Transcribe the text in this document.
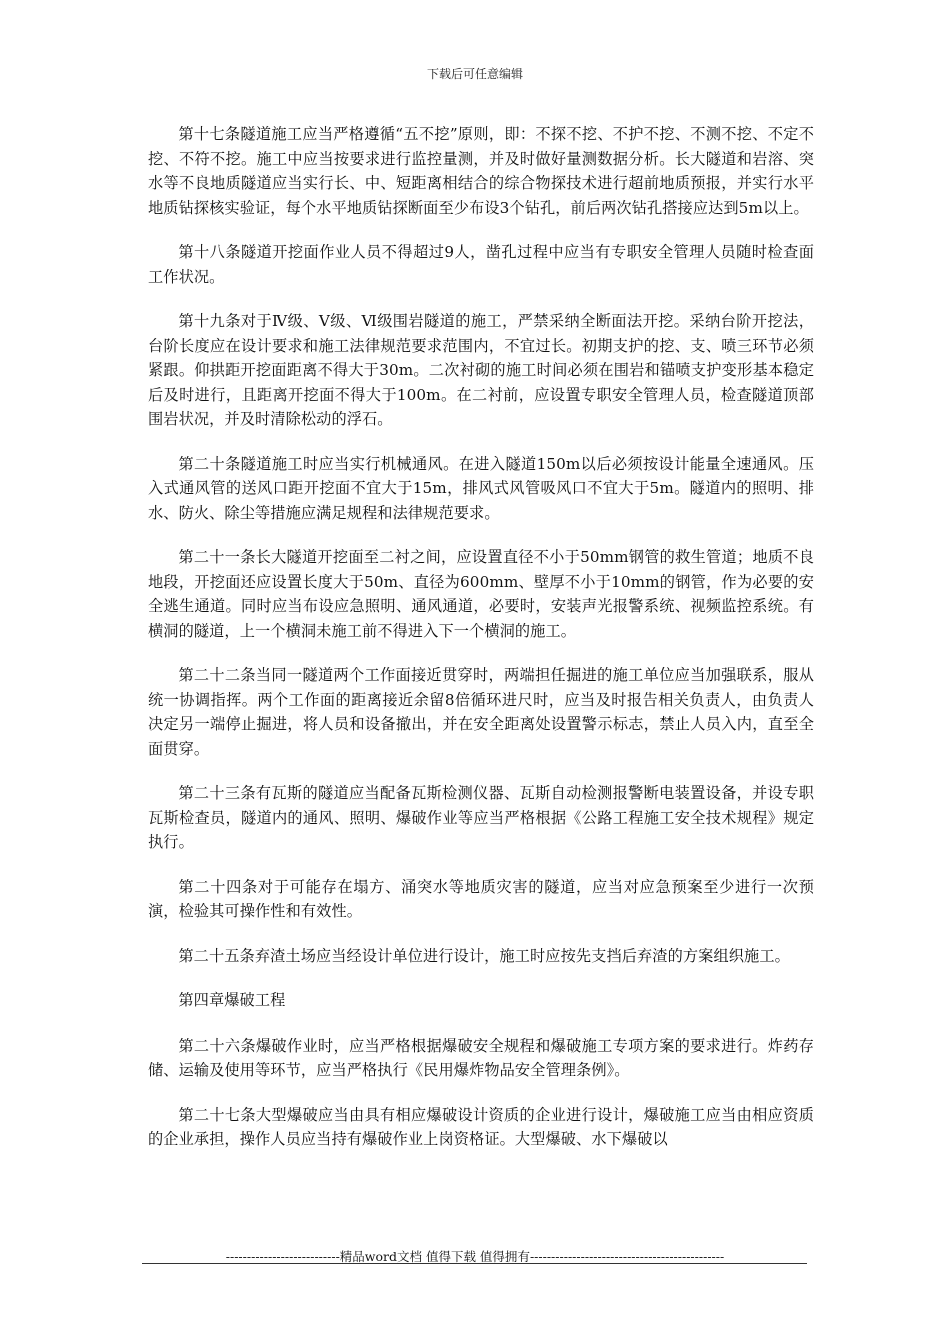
下载后可任意编辑

第十七条隧道施工应当严格遵循“五不挖”原则，即：不探不挖、不护不挖、不测不挖、不定不挖、不符不挖。施工中应当按要求进行监控量测，并及时做好量测数据分析。长大隧道和岩溶、突水等不良地质隧道应当实行长、中、短距离相结合的综合物探技术进行超前地质预报，并实行水平地质钻探核实验证，每个水平地质钻探断面至少布设3个钻孔，前后两次钻孔搭接应达到5m以上。

第十八条隧道开挖面作业人员不得超过9人，凿孔过程中应当有专职安全管理人员随时检查面工作状况。

第十九条对于Ⅳ级、Ⅴ级、Ⅵ级围岩隧道的施工，严禁采纳全断面法开挖。采纳台阶开挖法，台阶长度应在设计要求和施工法律规范要求范围内，不宜过长。初期支护的挖、支、喷三环节必须紧跟。仰拱距开挖面距离不得大于30m。二次衬砌的施工时间必须在围岩和锚喷支护变形基本稳定后及时进行，且距离开挖面不得大于100m。在二衬前，应设置专职安全管理人员，检查隧道顶部围岩状况，并及时清除松动的浮石。

第二十条隧道施工时应当实行机械通风。在进入隧道150m以后必须按设计能量全速通风。压入式通风管的送风口距开挖面不宜大于15m，排风式风管吸风口不宜大于5m。隧道内的照明、排水、防火、除尘等措施应满足规程和法律规范要求。

第二十一条长大隧道开挖面至二衬之间，应设置直径不小于50mm钢管的救生管道；地质不良地段，开挖面还应设置长度大于50m、直径为600mm、壁厚不小于10mm的钢管，作为必要的安全逃生通道。同时应当布设应急照明、通风通道，必要时，安装声光报警系统、视频监控系统。有横洞的隧道，上一个横洞未施工前不得进入下一个横洞的施工。

第二十二条当同一隧道两个工作面接近贯穿时，两端担任掘进的施工单位应当加强联系，服从统一协调指挥。两个工作面的距离接近余留8倍循环进尺时，应当及时报告相关负责人，由负责人决定另一端停止掘进，将人员和设备撤出，并在安全距离处设置警示标志，禁止人员入内，直至全面贯穿。

第二十三条有瓦斯的隧道应当配备瓦斯检测仪器、瓦斯自动检测报警断电装置设备，并设专职瓦斯检查员，隧道内的通风、照明、爆破作业等应当严格根据《公路工程施工安全技术规程》规定执行。

第二十四条对于可能存在塌方、涌突水等地质灾害的隧道，应当对应急预案至少进行一次预演，检验其可操作性和有效性。

第二十五条弃渣土场应当经设计单位进行设计，施工时应按先支挡后弃渣的方案组织施工。

第四章爆破工程

第二十六条爆破作业时，应当严格根据爆破安全规程和爆破施工专项方案的要求进行。炸药存储、运输及使用等环节，应当严格执行《民用爆炸物品安全管理条例》。

第二十七条大型爆破应当由具有相应爆破设计资质的企业进行设计，爆破施工应当由相应资质的企业承担，操作人员应当持有爆破作业上岗资格证。大型爆破、水下爆破以

---------------------------精品word文档 值得下载 值得拥有----------------------------------------------
